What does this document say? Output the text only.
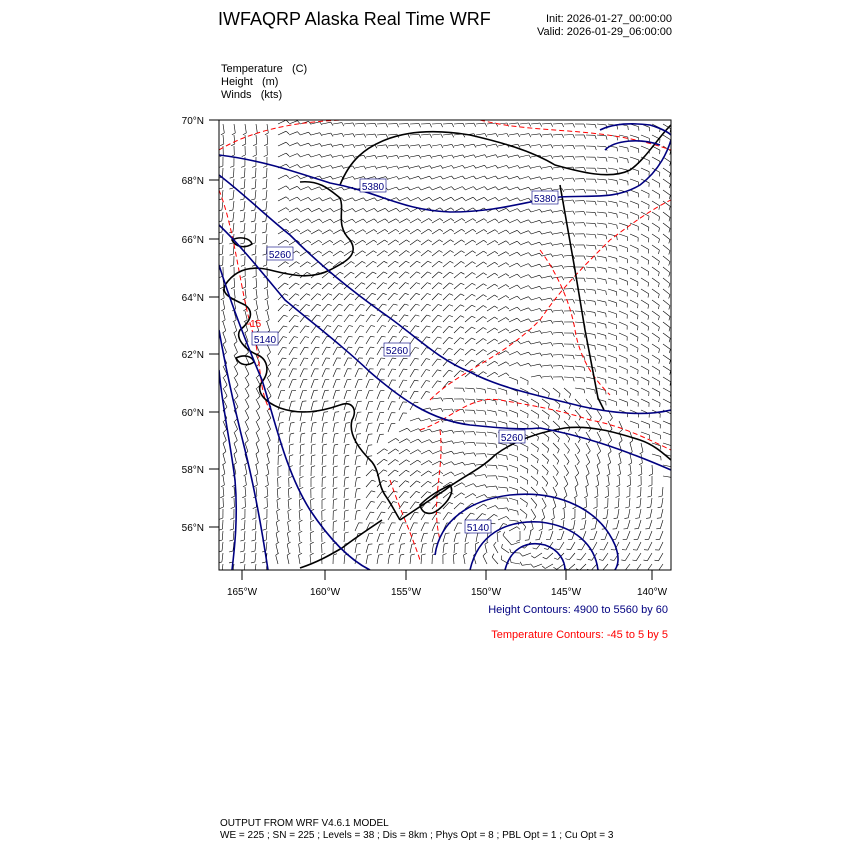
IWFAQRP Alaska Real Time WRF	Init: 2026-01-27_00:00:00
Valid: 2026-01-29_06:00:00
Temperature (C)
Height (m)
Winds (kts)
5380
5380
5260
5260
5140
5260
5140
-15
70°N
68°N
66°N
64°N
62°N
60°N
58°N
56°N
165°W	160°W	155°W	150°W	145°W	140°W
Height Contours: 4900 to 5560 by 60
Temperature Contours: -45 to 5 by 5
OUTPUT FROM WRF V4.6.1 MODEL
WE = 225 ; SN = 225 ; Levels = 38 ; Dis = 8km ; Phys Opt = 8 ; PBL Opt = 1 ; Cu Opt = 3
